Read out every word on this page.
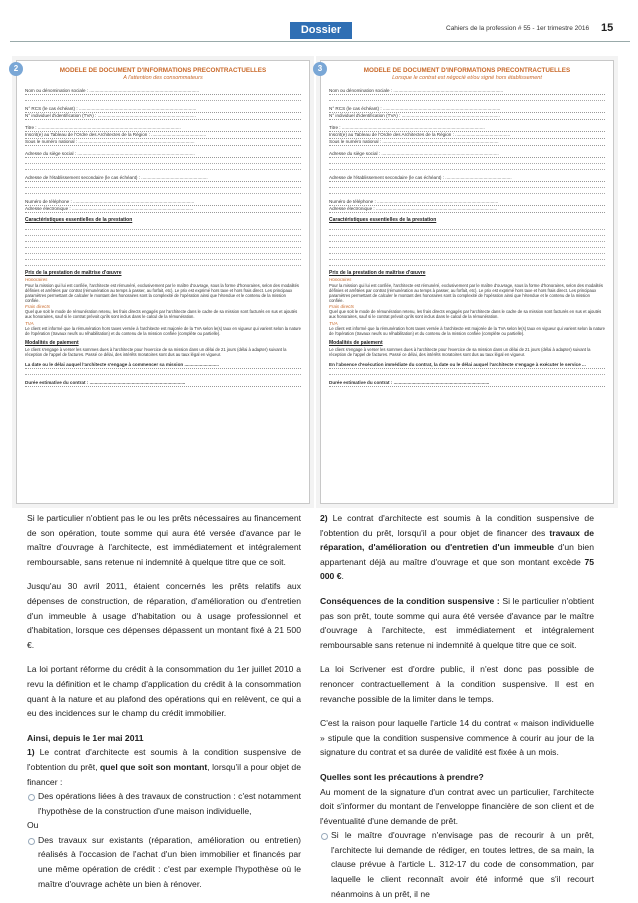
Dossier	Cahiers de la profession # 55 - 1er trimestre 2016 15
2	3
MODELE DE DOCUMENT D'INFORMATIONS PRECONTRACTUELLES
A l'attention des consommateurs
Nom ou dénomination sociale : ......................................................................................
N° RCS (le cas échéant) : ............................................................................................
N° individuel d'identification (TVA) : .............................................................................
Titre : ................................................................................................................
Inscrit(e) au Tableau de l'Ordre des Architectes de la Région : ...........................................
Sous le numéro national : ...........................................................................................
Adresse du siège social : ............................................................................................
Adresse de l'établissement secondaire (le cas échéant) : ....................................................
Numéro de téléphone : ...............................................................................................
Adresse électronique : ...............................................................................................
Caractéristiques essentielles de la prestation
Prix de la prestation de maîtrise d'œuvre
Honoraires
Pour la mission qui lui est confiée, l'architecte est rémunéré, exclusivement par le maître d'ouvrage, sous la forme d'honoraires, selon des modalités définies et arrêtées par contrat (rémunération au temps à passer, au forfait, etc). Le prix est exprimé hors taxe et hors frais direct. Les principaux paramètres permettant de calculer le montant des honoraires sont la complexité de l'opération ainsi que l'étendue et le contenu de la mission confiée.
Frais directs
Quel que soit le mode de rémunération retenu, les frais directs engagés par l'architecte dans le cadre de sa mission sont facturés en sus et ajoutés aux honoraires, sauf si le contrat prévoit qu'ils sont inclus dans le calcul de la rémunération.
TVA
Le client est informé que la rémunération hors taxes versée à l'architecte est majorée de la TVA selon le(s) taux en vigueur qui varient selon la nature de l'opération (travaux neufs ou réhabilitation) et du contenu de la mission confiée (complète ou partielle).
Modalités de paiement
Le client s'engage à verser les sommes dues à l'architecte pour l'exercice de sa mission dans un délai de 21 jours (délai à adapter) suivant la réception de l'appel de factures. Passé ce délai, des intérêts moratoires sont dus au taux légal en vigueur.
La date ou le délai auquel l'architecte s'engage à commencer sa mission ...........................
Durée estimative du contrat : ...........................................................................
MODELE DE DOCUMENT D'INFORMATIONS PRECONTRACTUELLES
Lorsque le contrat est négocié et/ou signé hors établissement
Nom ou dénomination sociale : ......................................................................................
N° RCS (le cas échéant) : ............................................................................................
N° individuel d'identification (TVA) : .............................................................................
Titre : ................................................................................................................
Inscrit(e) au Tableau de l'Ordre des Architectes de la Région : ...........................................
Sous le numéro national : ...........................................................................................
Adresse du siège social : ............................................................................................
Adresse de l'établissement secondaire (le cas échéant) : ....................................................
Numéro de téléphone : ...............................................................................................
Adresse électronique : ...............................................................................................
Caractéristiques essentielles de la prestation
Prix de la prestation de maîtrise d'œuvre
Honoraires
Pour la mission qui lui est confiée, l'architecte est rémunéré, exclusivement par le maître d'ouvrage, sous la forme d'honoraires, selon des modalités définies et arrêtées par contrat (rémunération au temps à passer, au forfait, etc). Le prix est exprimé hors taxe et hors frais direct. Les principaux paramètres permettant de calculer le montant des honoraires sont la complexité de l'opération ainsi que l'étendue et le contenu de la mission confiée.
Frais directs
Quel que soit le mode de rémunération retenu, les frais directs engagés par l'architecte dans le cadre de sa mission sont facturés en sus et ajoutés aux honoraires, sauf si le contrat prévoit qu'ils sont inclus dans le calcul de la rémunération.
TVA
Le client est informé que la rémunération hors taxes versée à l'architecte est majorée de la TVA selon le(s) taux en vigueur qui varient selon la nature de l'opération (travaux neufs ou réhabilitation) et du contenu de la mission confiée (complète ou partielle).
Modalités de paiement
Le client s'engage à verser les sommes dues à l'architecte pour l'exercice de sa mission dans un délai de 21 jours (délai à adapter) suivant la réception de l'appel de factures. Passé ce délai, des intérêts moratoires sont dus au taux légal en vigueur.
En l'absence d'exécution immédiate du contrat, la date ou le délai auquel l'architecte s'engage à exécuter le service ...
Durée estimative du contrat : ...........................................................................

Si le particulier n'obtient pas le ou les prêts nécessaires au financement de son opération, toute somme qui aura été versée d'avance par le maître d'ouvrage à l'architecte, est immédiatement et intégralement remboursable, sans retenue ni indemnité à quelque titre que ce soit.

Jusqu'au 30 avril 2011, étaient concernés les prêts relatifs aux dépenses de construction, de réparation, d'amélioration ou d'entretien d'un immeuble à usage d'habitation ou à usage professionnel et d'habitation, lorsque ces dépenses dépassent un montant fixé à 21 500 €.

La loi portant réforme du crédit à la consommation du 1er juillet 2010 a revu la définition et le champ d'application du crédit à la consommation quant à la nature et au plafond des opérations qui en relèvent, ce qui a eu des incidences sur le champ du crédit immobilier.

Ainsi, depuis le 1er mai 2011

1) Le contrat d'architecte est soumis à la condition suspensive de l'obtention du prêt, quel que soit son montant, lorsqu'il a pour objet de financer :

Des opérations liées à des travaux de construction : c'est notamment l'hypothèse de la construction d'une maison individuelle,

Ou

Des travaux sur existants (réparation, amélioration ou entretien) réalisés à l'occasion de l'achat d'un bien immobilier et financés par une même opération de crédit : c'est par exemple l'hypothèse où le maître d'ouvrage achète un bien à rénover.

2) Le contrat d'architecte est soumis à la condition suspensive de l'obtention du prêt, lorsqu'il a pour objet de financer des travaux de réparation, d'amélioration ou d'entretien d'un immeuble d'un bien appartenant déjà au maître d'ouvrage et que son montant excède 75 000 €.

Conséquences de la condition suspensive : Si le particulier n'obtient pas son prêt, toute somme qui aura été versée d'avance par le maître d'ouvrage à l'architecte, est immédiatement et intégralement remboursable sans retenue ni indemnité à quelque titre que ce soit.

La loi Scrivener est d'ordre public, il n'est donc pas possible de renoncer contractuellement à la condition suspensive. Il est en revanche possible de la limiter dans le temps.

C'est la raison pour laquelle l'article 14 du contrat « maison individuelle » stipule que la condition suspensive commence à courir au jour de la signature du contrat et sa durée de validité est fixée à un mois.

Quelles sont les précautions à prendre?

Au moment de la signature d'un contrat avec un particulier, l'architecte doit s'informer du montant de l'enveloppe financière de son client et de l'éventualité d'une demande de prêt.

Si le maître d'ouvrage n'envisage pas de recourir à un prêt, l'architecte lui demande de rédiger, en toutes lettres, de sa main, la clause prévue à l'article L. 312-17 du code de consommation, par laquelle le client reconnaît avoir été informé que s'il recourt néanmoins à un prêt, il ne
